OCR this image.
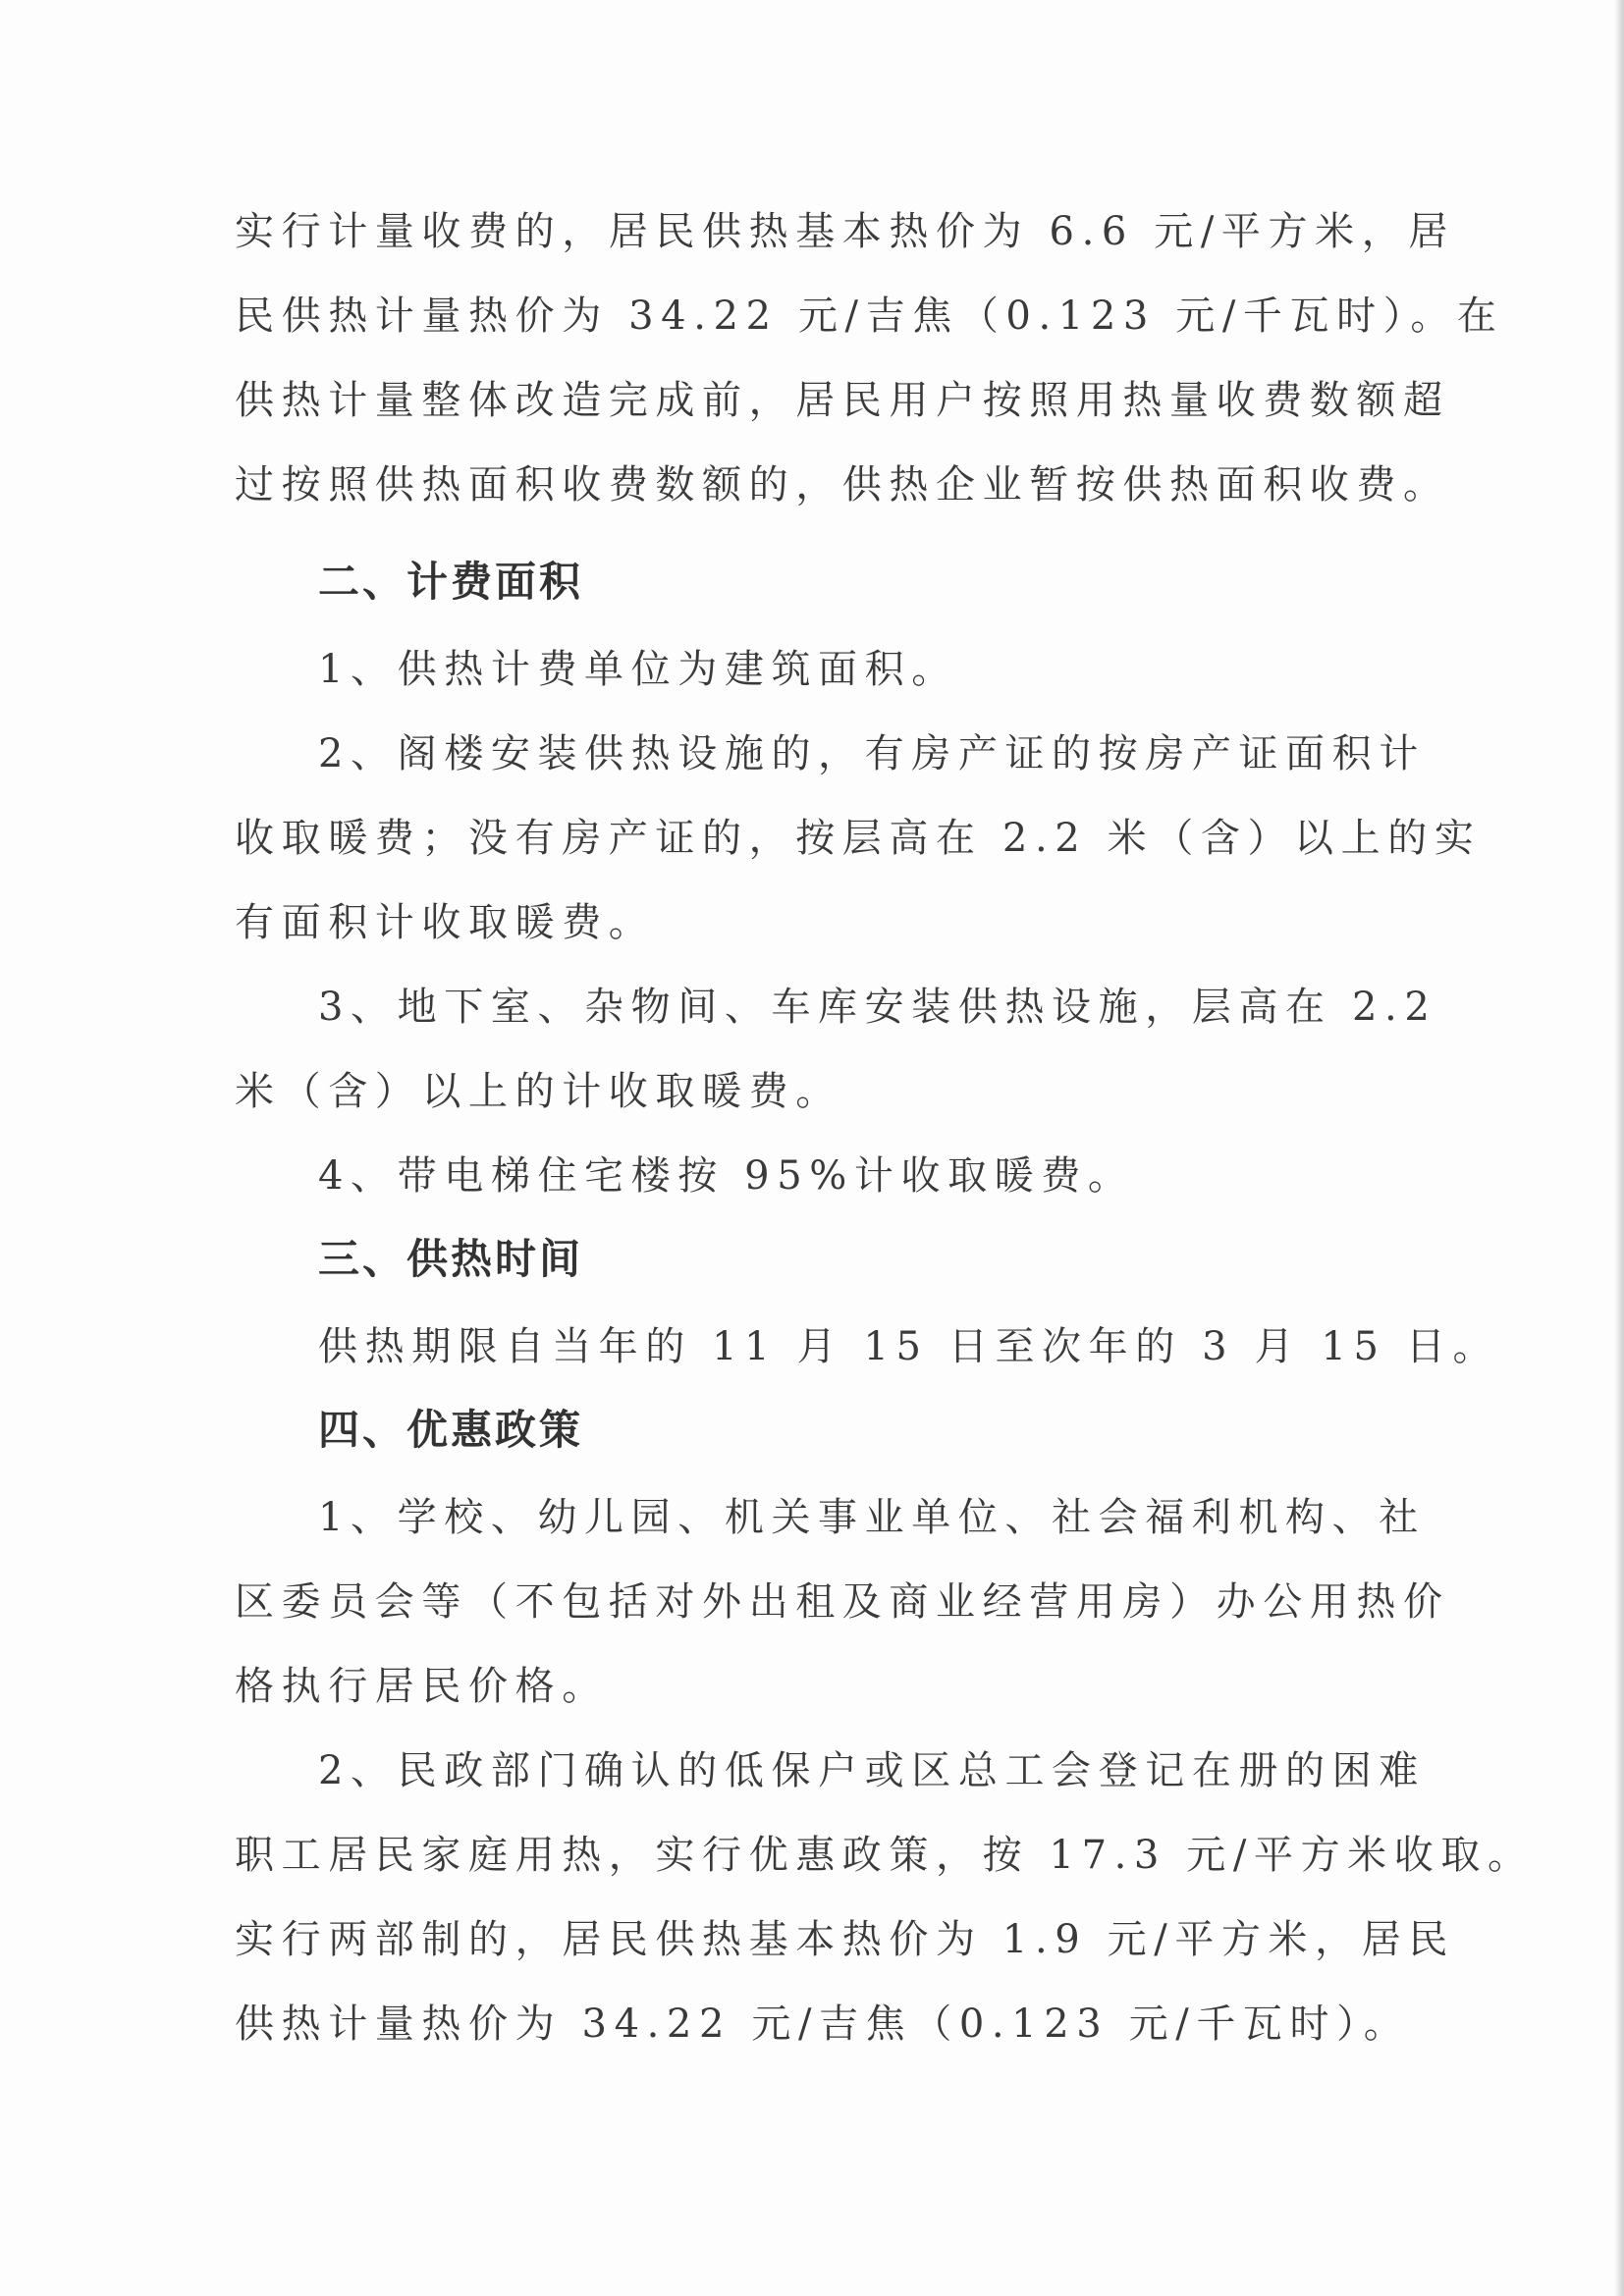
实行计量收费的，居民供热基本热价为 6.6 元/平方米，居
民供热计量热价为 34.22 元/吉焦（0.123 元/千瓦时）。在
供热计量整体改造完成前，居民用户按照用热量收费数额超
过按照供热面积收费数额的，供热企业暂按供热面积收费。
二、计费面积
1、供热计费单位为建筑面积。
2、阁楼安装供热设施的，有房产证的按房产证面积计
收取暖费；没有房产证的，按层高在 2.2 米（含）以上的实
有面积计收取暖费。
3、地下室、杂物间、车库安装供热设施，层高在 2.2
米（含）以上的计收取暖费。
4、带电梯住宅楼按 95%计收取暖费。
三、供热时间
供热期限自当年的 11 月 15 日至次年的 3 月 15 日。
四、优惠政策
1、学校、幼儿园、机关事业单位、社会福利机构、社
区委员会等（不包括对外出租及商业经营用房）办公用热价
格执行居民价格。
2、民政部门确认的低保户或区总工会登记在册的困难
职工居民家庭用热，实行优惠政策，按 17.3 元/平方米收取。
实行两部制的，居民供热基本热价为 1.9 元/平方米，居民
供热计量热价为 34.22 元/吉焦（0.123 元/千瓦时）。
